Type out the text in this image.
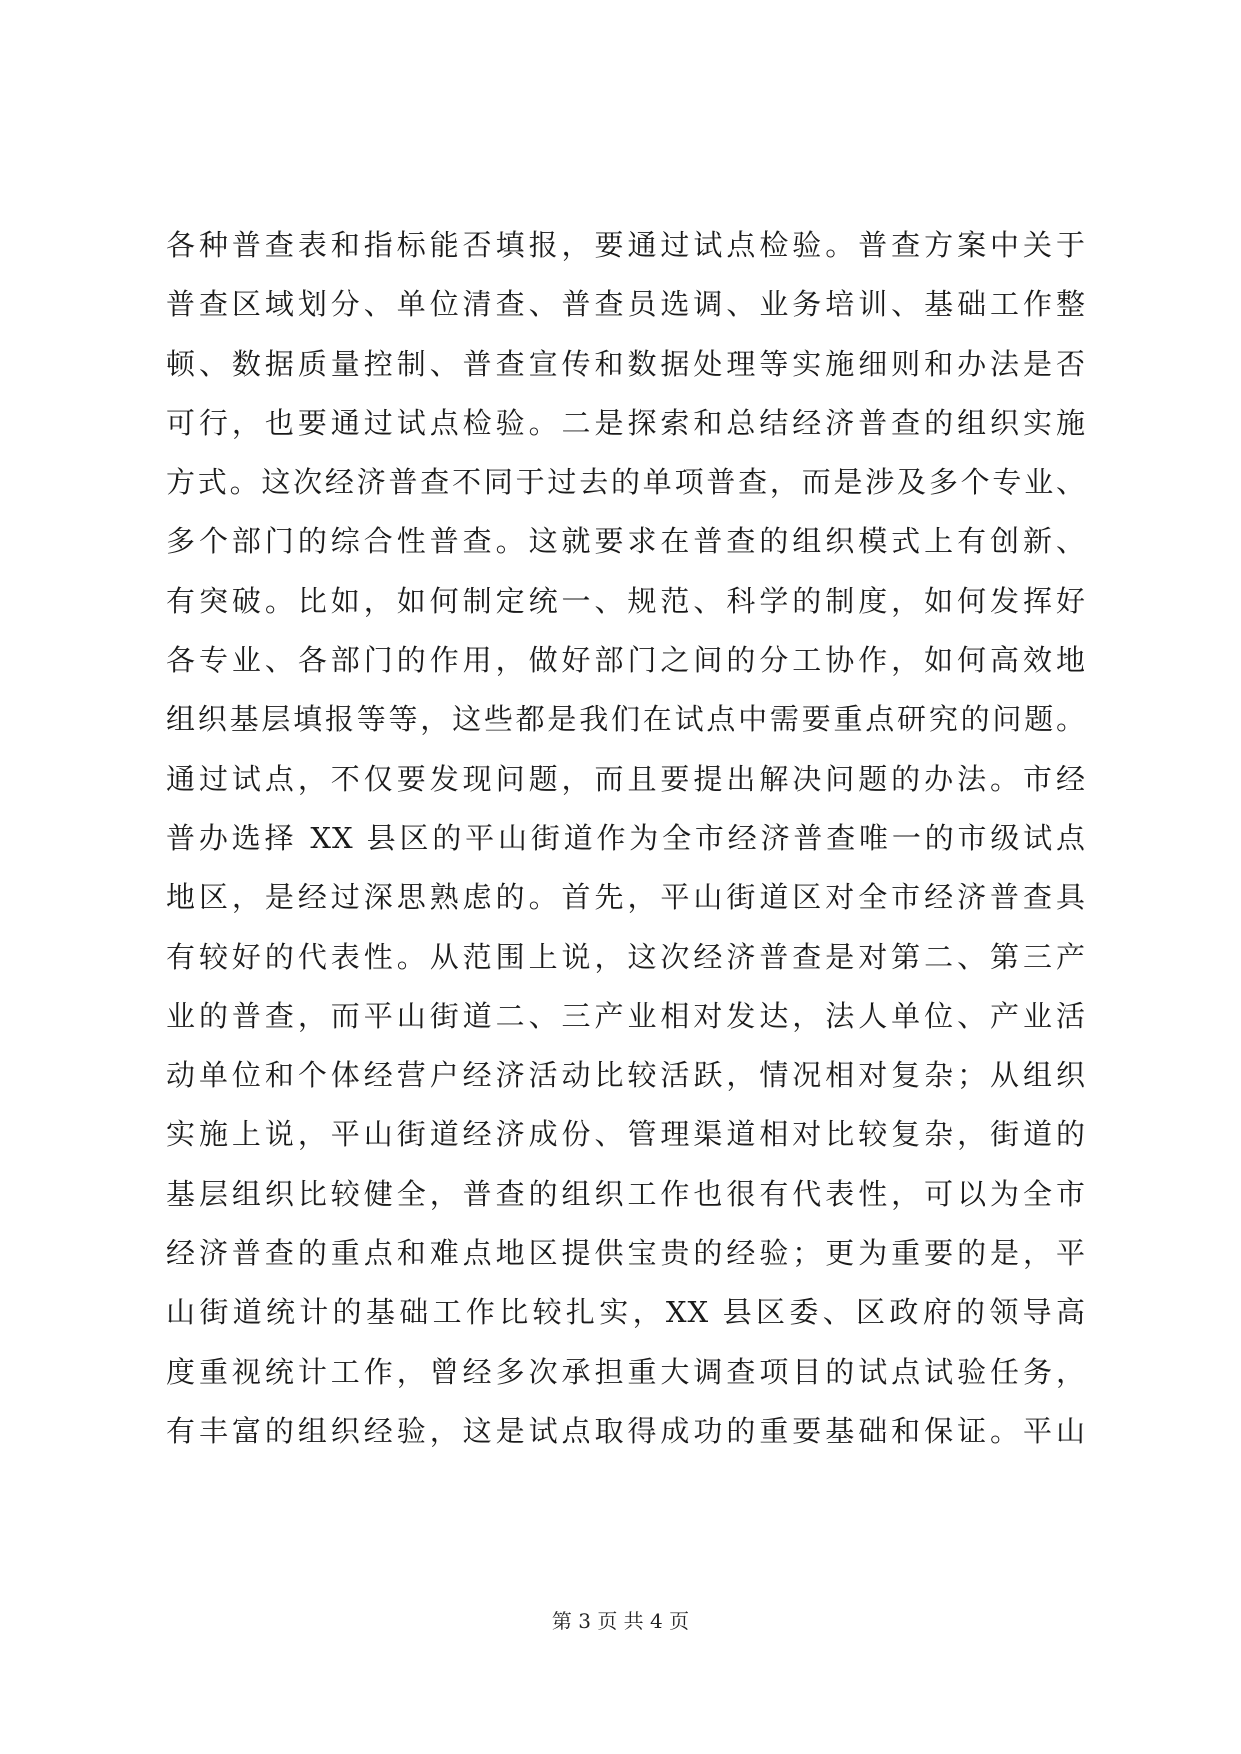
各种普查表和指标能否填报，要通过试点检验。普查方案中关于
普查区域划分、单位清查、普查员选调、业务培训、基础工作整
顿、数据质量控制、普查宣传和数据处理等实施细则和办法是否
可行，也要通过试点检验。二是探索和总结经济普查的组织实施
方式。这次经济普查不同于过去的单项普查，而是涉及多个专业、
多个部门的综合性普查。这就要求在普查的组织模式上有创新、
有突破。比如，如何制定统一、规范、科学的制度，如何发挥好
各专业、各部门的作用，做好部门之间的分工协作，如何高效地
组织基层填报等等，这些都是我们在试点中需要重点研究的问题。
通过试点，不仅要发现问题，而且要提出解决问题的办法。市经
普办选择 XX 县区的平山街道作为全市经济普查唯一的市级试点
地区，是经过深思熟虑的。首先，平山街道区对全市经济普查具
有较好的代表性。从范围上说，这次经济普查是对第二、第三产
业的普查，而平山街道二、三产业相对发达，法人单位、产业活
动单位和个体经营户经济活动比较活跃，情况相对复杂；从组织
实施上说，平山街道经济成份、管理渠道相对比较复杂，街道的
基层组织比较健全，普查的组织工作也很有代表性，可以为全市
经济普查的重点和难点地区提供宝贵的经验；更为重要的是，平
山街道统计的基础工作比较扎实，XX 县区委、区政府的领导高
度重视统计工作，曾经多次承担重大调查项目的试点试验任务，
有丰富的组织经验，这是试点取得成功的重要基础和保证。平山
第 3 页 共 4 页
